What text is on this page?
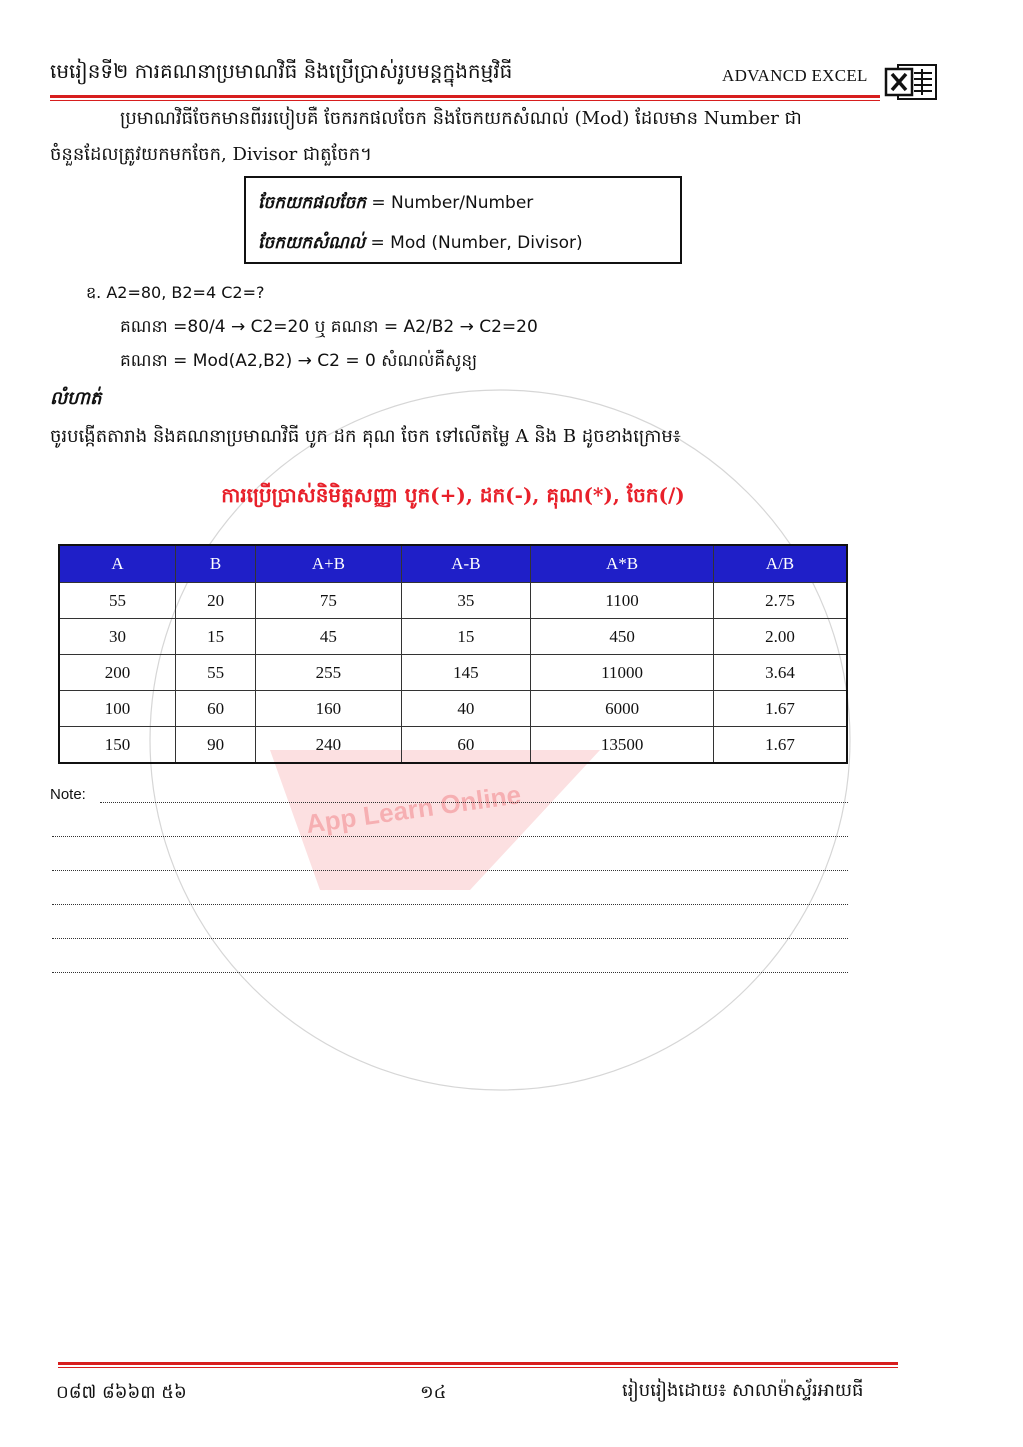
App Learn Online
មេរៀនទី២ ការគណនាប្រមាណវិធី និងប្រើប្រាស់រូបមន្តក្នុងកម្មវិធី	ADVANCD EXCEL
ប្រមាណវិធីចែកមានពីររបៀបគឺ ចែករកផលចែក និងចែកយកសំណល់ (Mod) ដែលមាន Number ជា
ចំនួនដែលត្រូវយកមកចែក, Divisor ជាតួចែក។
ចែកយកផលចែក = Number/Number
ចែកយកសំណល់ = Mod (Number, Divisor)
ឧ. A2=80, B2=4 C2=?
គណនា =80/4 → C2=20 ឬ គណនា = A2/B2 → C2=20
គណនា = Mod(A2,B2) → C2 = 0 សំណល់គឺសូន្យ
លំហាត់
ចូរបង្កើតតារាង និងគណនាប្រមាណវិធី បូក ដក គុណ ចែក ទៅលើតម្លៃ A និង B ដូចខាងក្រោម៖
ការប្រើប្រាស់និមិត្តសញ្ញា បូក(+), ដក(-), គុណ(*), ចែក(/)
A	B	A+B	A-B	A*B	A/B
55	20	75	35	1100	2.75
30	15	45	15	450	2.00
200	55	255	145	11000	3.64
100	60	160	40	6000	1.67
150	90	240	60	13500	1.67
Note:
០៨៧ ៨៦៦៣ ៥៦	១៤	រៀបរៀងដោយ៖ សាលាម៉ាស្ទ័រអាយធី
